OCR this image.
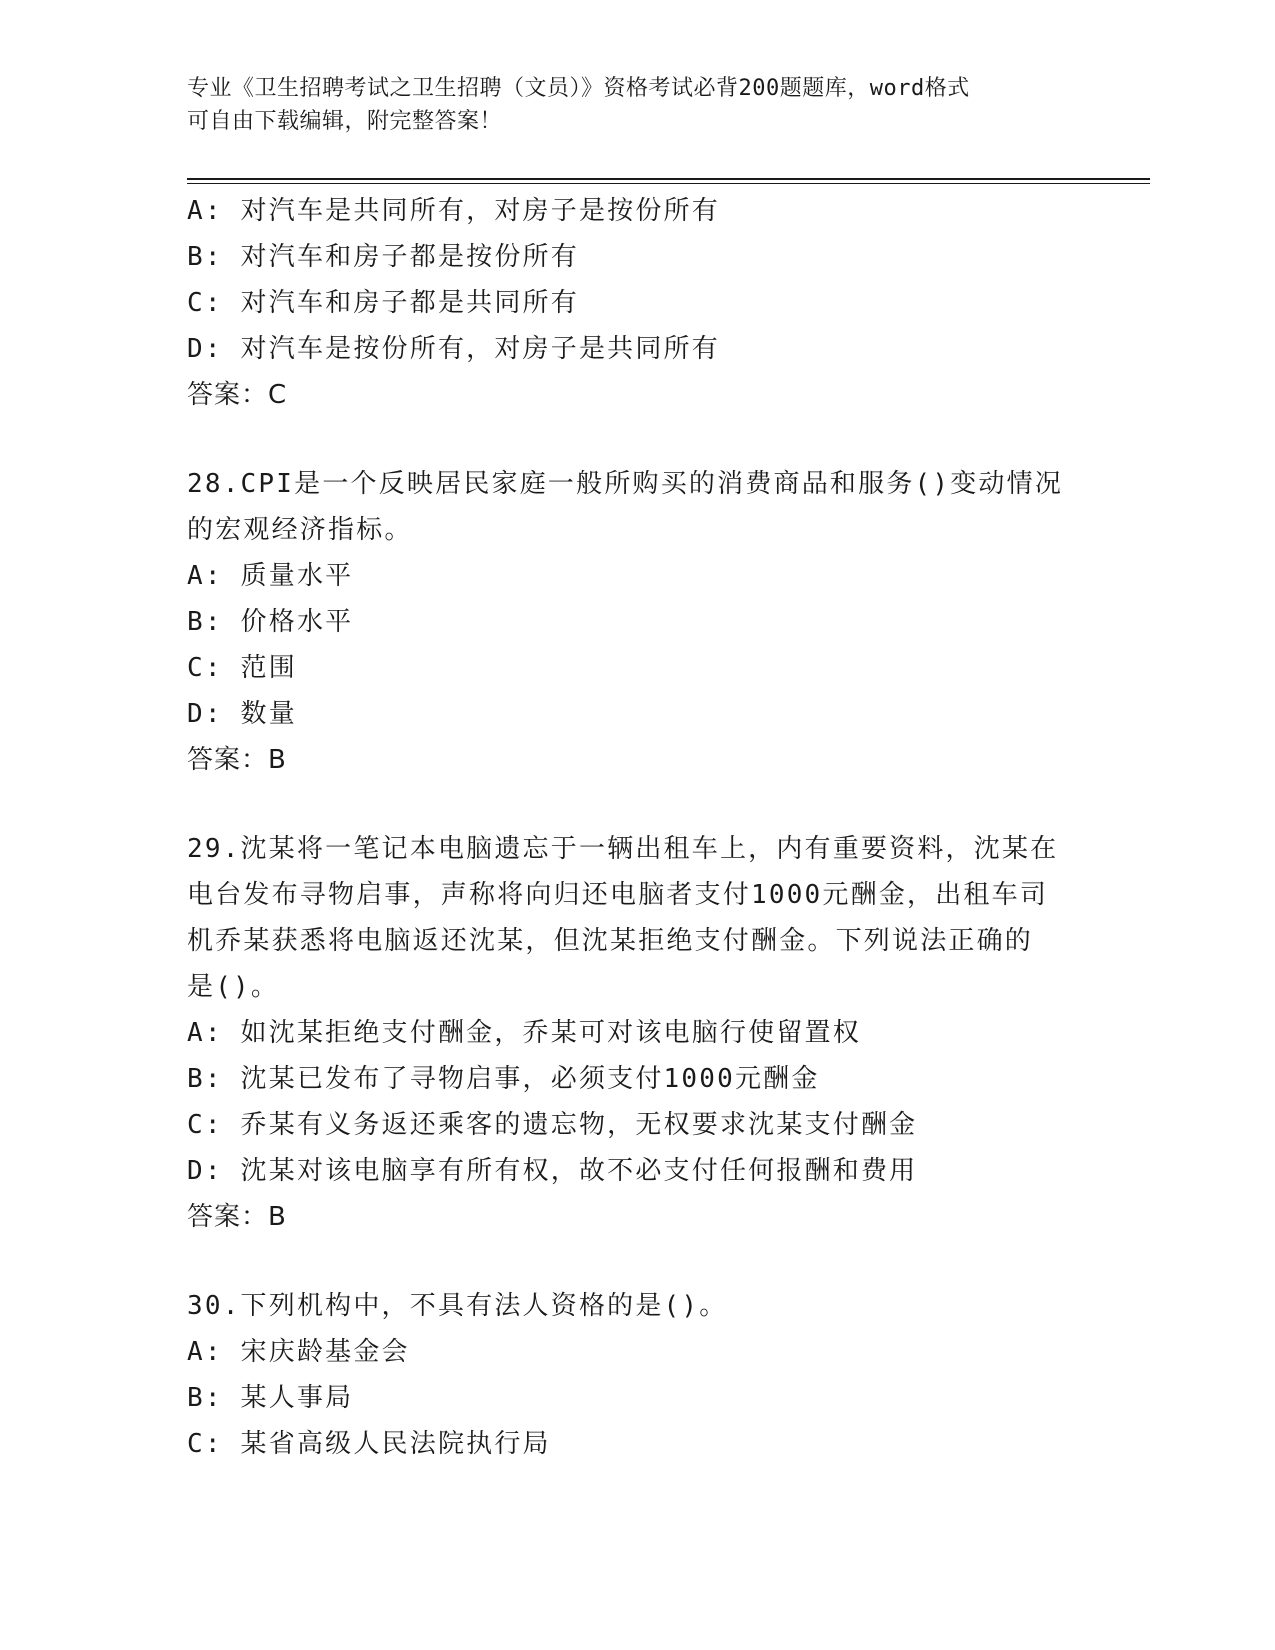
专业《卫生招聘考试之卫生招聘（文员）》资格考试必背200题题库，word格式
可自由下载编辑，附完整答案！
A: 对汽车是共同所有，对房子是按份所有
B: 对汽车和房子都是按份所有
C: 对汽车和房子都是共同所有
D: 对汽车是按份所有，对房子是共同所有
答案：C
28.CPI是一个反映居民家庭一般所购买的消费商品和服务()变动情况
的宏观经济指标。
A: 质量水平
B: 价格水平
C: 范围
D: 数量
答案：B
29.沈某将一笔记本电脑遗忘于一辆出租车上，内有重要资料，沈某在
电台发布寻物启事，声称将向归还电脑者支付1000元酬金，出租车司
机乔某获悉将电脑返还沈某，但沈某拒绝支付酬金。下列说法正确的
是()。
A: 如沈某拒绝支付酬金，乔某可对该电脑行使留置权
B: 沈某已发布了寻物启事，必须支付1000元酬金
C: 乔某有义务返还乘客的遗忘物，无权要求沈某支付酬金
D: 沈某对该电脑享有所有权，故不必支付任何报酬和费用
答案：B
30.下列机构中，不具有法人资格的是()。
A: 宋庆龄基金会
B: 某人事局
C: 某省高级人民法院执行局
